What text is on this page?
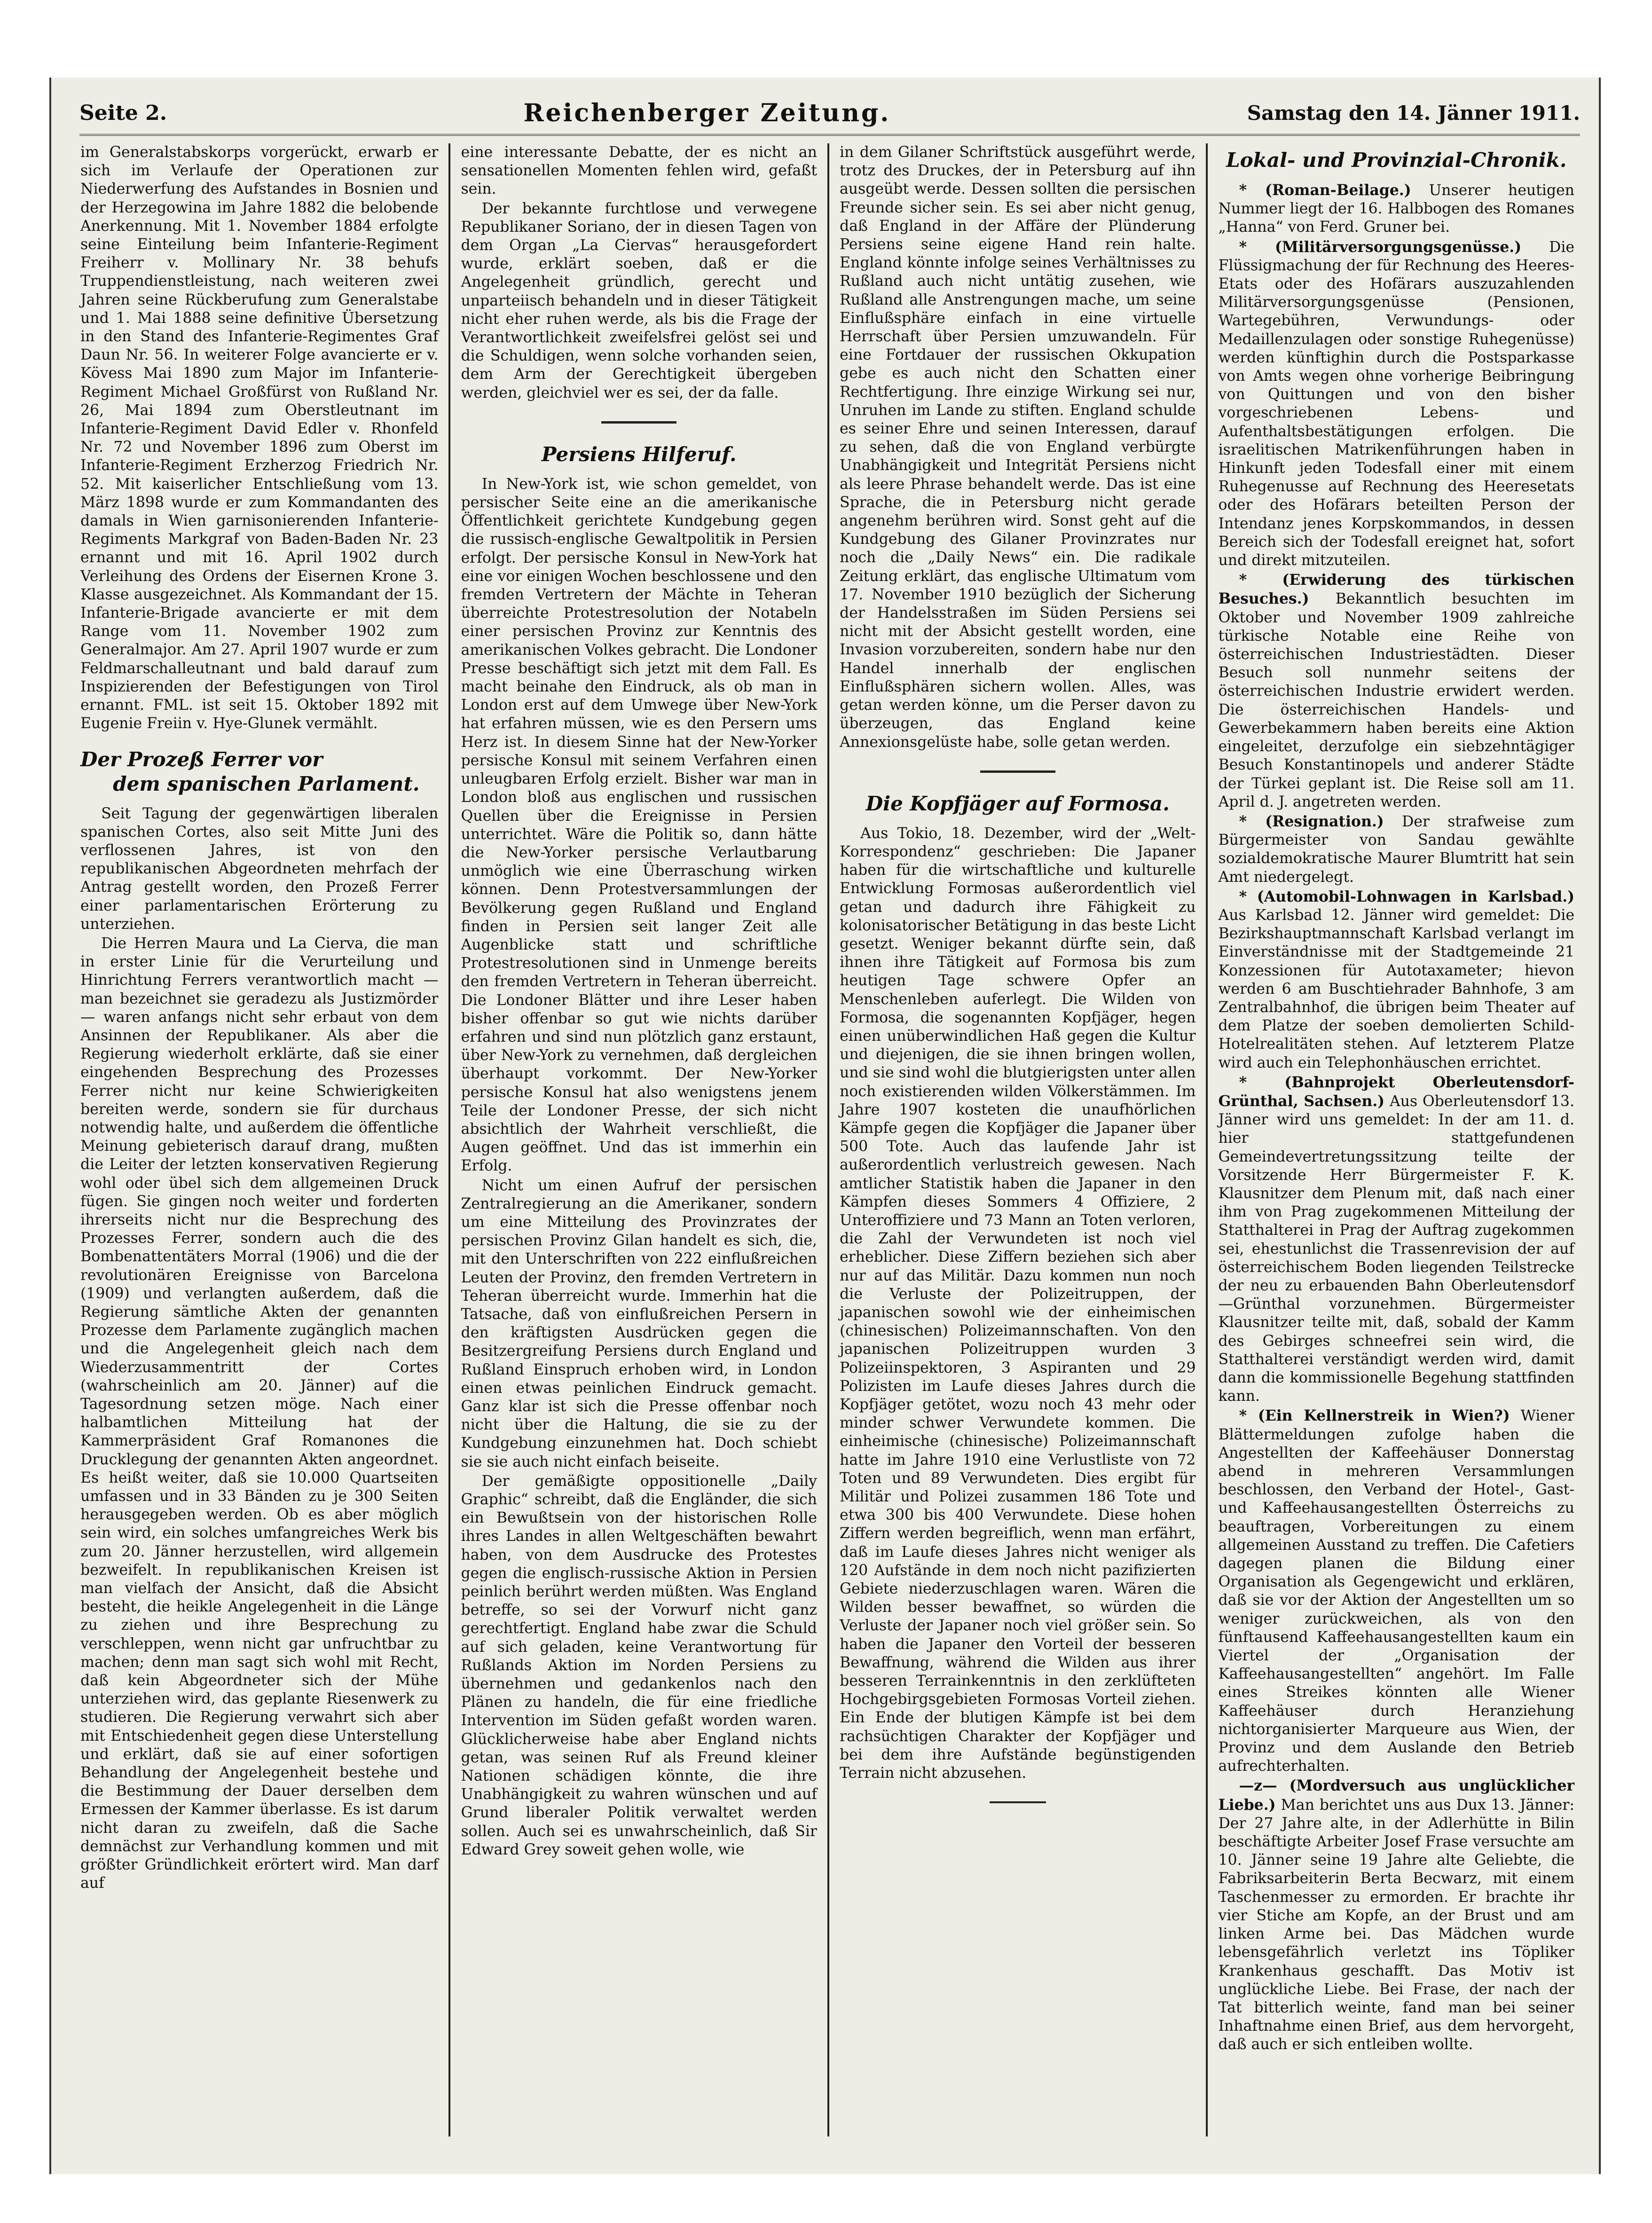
Seite 2.	Reichenberger Zeitung.	Samstag den 14. Jänner 1911.

im Generalstabskorps vorgerückt, erwarb er sich im Verlaufe der Operationen zur Niederwerfung des Aufstandes in Bosnien und der Herzegowina im Jahre 1882 die belobende Anerkennung. Mit 1. November 1884 erfolgte seine Einteilung beim Infanterie-Regiment Freiherr v. Mollinary Nr. 38 behufs Truppendienstleistung, nach weiteren zwei Jahren seine Rückberufung zum Generalstabe und 1. Mai 1888 seine definitive Übersetzung in den Stand des Infanterie-Regimentes Graf Daun Nr. 56. In weiterer Folge avancierte er v. Kövess Mai 1890 zum Major im Infanterie-Regiment Michael Großfürst von Rußland Nr. 26, Mai 1894 zum Oberstleutnant im Infanterie-Regiment David Edler v. Rhonfeld Nr. 72 und November 1896 zum Oberst im Infanterie-Regiment Erzherzog Friedrich Nr. 52. Mit kaiserlicher Entschließung vom 13. März 1898 wurde er zum Kommandanten des damals in Wien garnisonierenden Infanterie-Regiments Markgraf von Baden-Baden Nr. 23 ernannt und mit 16. April 1902 durch Verleihung des Ordens der Eisernen Krone 3. Klasse ausgezeichnet. Als Kommandant der 15. Infanterie-Brigade avancierte er mit dem Range vom 11. November 1902 zum Generalmajor. Am 27. April 1907 wurde er zum Feldmarschalleutnant und bald darauf zum Inspizierenden der Befestigungen von Tirol ernannt. FML. ist seit 15. Oktober 1892 mit Eugenie Freiin v. Hye-Glunek vermählt.

Der Prozeß Ferrer vor
dem spanischen Parlament.

Seit Tagung der gegenwärtigen liberalen spanischen Cortes, also seit Mitte Juni des verflossenen Jahres, ist von den republikanischen Abgeordneten mehrfach der Antrag gestellt worden, den Prozeß Ferrer einer parlamentarischen Erörterung zu unterziehen.

Die Herren Maura und La Cierva, die man in erster Linie für die Verurteilung und Hinrichtung Ferrers verantwortlich macht — man bezeichnet sie geradezu als Justizmörder — waren anfangs nicht sehr erbaut von dem Ansinnen der Republikaner. Als aber die Regierung wiederholt erklärte, daß sie einer eingehenden Besprechung des Prozesses Ferrer nicht nur keine Schwierigkeiten bereiten werde, sondern sie für durchaus notwendig halte, und außerdem die öffentliche Meinung gebieterisch darauf drang, mußten die Leiter der letzten konservativen Regierung wohl oder übel sich dem allgemeinen Druck fügen. Sie gingen noch weiter und forderten ihrerseits nicht nur die Besprechung des Prozesses Ferrer, sondern auch die des Bombenattentäters Morral (1906) und die der revolutionären Ereignisse von Barcelona (1909) und verlangten außerdem, daß die Regierung sämtliche Akten der genannten Prozesse dem Parlamente zugänglich machen und die Angelegenheit gleich nach dem Wiederzusammentritt der Cortes (wahrscheinlich am 20. Jänner) auf die Tagesordnung setzen möge. Nach einer halbamtlichen Mitteilung hat der Kammerpräsident Graf Romanones die Drucklegung der genannten Akten angeordnet. Es heißt weiter, daß sie 10.000 Quartseiten umfassen und in 33 Bänden zu je 300 Seiten herausgegeben werden. Ob es aber möglich sein wird, ein solches umfangreiches Werk bis zum 20. Jänner herzustellen, wird allgemein bezweifelt. In republikanischen Kreisen ist man vielfach der Ansicht, daß die Absicht besteht, die heikle Angelegenheit in die Länge zu ziehen und ihre Besprechung zu verschleppen, wenn nicht gar unfruchtbar zu machen; denn man sagt sich wohl mit Recht, daß kein Abgeordneter sich der Mühe unterziehen wird, das geplante Riesenwerk zu studieren. Die Regierung verwahrt sich aber mit Entschiedenheit gegen diese Unterstellung und erklärt, daß sie auf einer sofortigen Behandlung der Angelegenheit bestehe und die Bestimmung der Dauer derselben dem Ermessen der Kammer überlasse. Es ist darum nicht daran zu zweifeln, daß die Sache demnächst zur Verhandlung kommen und mit größter Gründlichkeit erörtert wird. Man darf auf

eine interessante Debatte, der es nicht an sensationellen Momenten fehlen wird, gefaßt sein.

Der bekannte furchtlose und verwegene Republikaner Soriano, der in diesen Tagen von dem Organ „La Ciervas“ herausgefordert wurde, erklärt soeben, daß er die Angelegenheit gründlich, gerecht und unparteiisch behandeln und in dieser Tätigkeit nicht eher ruhen werde, als bis die Frage der Verantwortlichkeit zweifelsfrei gelöst sei und die Schuldigen, wenn solche vorhanden seien, dem Arm der Gerechtigkeit übergeben werden, gleichviel wer es sei, der da falle.

Persiens Hilferuf.

In New-York ist, wie schon gemeldet, von persischer Seite eine an die amerikanische Öffentlichkeit gerichtete Kundgebung gegen die russisch-englische Gewaltpolitik in Persien erfolgt. Der persische Konsul in New-York hat eine vor einigen Wochen beschlossene und den fremden Vertretern der Mächte in Teheran überreichte Protestresolution der Notabeln einer persischen Provinz zur Kenntnis des amerikanischen Volkes gebracht. Die Londoner Presse beschäftigt sich jetzt mit dem Fall. Es macht beinahe den Eindruck, als ob man in London erst auf dem Umwege über New-York hat erfahren müssen, wie es den Persern ums Herz ist. In diesem Sinne hat der New-Yorker persische Konsul mit seinem Verfahren einen unleugbaren Erfolg erzielt. Bisher war man in London bloß aus englischen und russischen Quellen über die Ereignisse in Persien unterrichtet. Wäre die Politik so, dann hätte die New-Yorker persische Verlautbarung unmöglich wie eine Überraschung wirken können. Denn Protestversammlungen der Bevölkerung gegen Rußland und England finden in Persien seit langer Zeit alle Augenblicke statt und schriftliche Protestresolutionen sind in Unmenge bereits den fremden Vertretern in Teheran überreicht. Die Londoner Blätter und ihre Leser haben bisher offenbar so gut wie nichts darüber erfahren und sind nun plötzlich ganz erstaunt, über New-York zu vernehmen, daß dergleichen überhaupt vorkommt. Der New-Yorker persische Konsul hat also wenigstens jenem Teile der Londoner Presse, der sich nicht absichtlich der Wahrheit verschließt, die Augen geöffnet. Und das ist immerhin ein Erfolg.

Nicht um einen Aufruf der persischen Zentralregierung an die Amerikaner, sondern um eine Mitteilung des Provinzrates der persischen Provinz Gilan handelt es sich, die, mit den Unterschriften von 222 einflußreichen Leuten der Provinz, den fremden Vertretern in Teheran überreicht wurde. Immerhin hat die Tatsache, daß von einflußreichen Persern in den kräftigsten Ausdrücken gegen die Besitzergreifung Persiens durch England und Rußland Einspruch erhoben wird, in London einen etwas peinlichen Eindruck gemacht. Ganz klar ist sich die Presse offenbar noch nicht über die Haltung, die sie zu der Kundgebung einzunehmen hat. Doch schiebt sie sie auch nicht einfach beiseite.

Der gemäßigte oppositionelle „Daily Graphic“ schreibt, daß die Engländer, die sich ein Bewußtsein von der historischen Rolle ihres Landes in allen Weltgeschäften bewahrt haben, von dem Ausdrucke des Protestes gegen die englisch-russische Aktion in Persien peinlich berührt werden müßten. Was England betreffe, so sei der Vorwurf nicht ganz gerechtfertigt. England habe zwar die Schuld auf sich geladen, keine Verantwortung für Rußlands Aktion im Norden Persiens zu übernehmen und gedankenlos nach den Plänen zu handeln, die für eine friedliche Intervention im Süden gefaßt worden waren. Glücklicherweise habe aber England nichts getan, was seinen Ruf als Freund kleiner Nationen schädigen könnte, die ihre Unabhängigkeit zu wahren wünschen und auf Grund liberaler Politik verwaltet werden sollen. Auch sei es unwahrscheinlich, daß Sir Edward Grey soweit gehen wolle, wie

in dem Gilaner Schriftstück ausgeführt werde, trotz des Druckes, der in Petersburg auf ihn ausgeübt werde. Dessen sollten die persischen Freunde sicher sein. Es sei aber nicht genug, daß England in der Affäre der Plünderung Persiens seine eigene Hand rein halte. England könnte infolge seines Verhältnisses zu Rußland auch nicht untätig zusehen, wie Rußland alle Anstrengungen mache, um seine Einflußsphäre einfach in eine virtuelle Herrschaft über Persien umzuwandeln. Für eine Fortdauer der russischen Okkupation gebe es auch nicht den Schatten einer Rechtfertigung. Ihre einzige Wirkung sei nur, Unruhen im Lande zu stiften. England schulde es seiner Ehre und seinen Interessen, darauf zu sehen, daß die von England verbürgte Unabhängigkeit und Integrität Persiens nicht als leere Phrase behandelt werde. Das ist eine Sprache, die in Petersburg nicht gerade angenehm berühren wird. Sonst geht auf die Kundgebung des Gilaner Provinzrates nur noch die „Daily News“ ein. Die radikale Zeitung erklärt, das englische Ultimatum vom 17. November 1910 bezüglich der Sicherung der Handelsstraßen im Süden Persiens sei nicht mit der Absicht gestellt worden, eine Invasion vorzubereiten, sondern habe nur den Handel innerhalb der englischen Einflußsphären sichern wollen. Alles, was getan werden könne, um die Perser davon zu überzeugen, das England keine Annexionsgelüste habe, solle getan werden.

Die Kopfjäger auf Formosa.

Aus Tokio, 18. Dezember, wird der „Welt-Korrespondenz“ geschrieben: Die Japaner haben für die wirtschaftliche und kulturelle Entwicklung Formosas außerordentlich viel getan und dadurch ihre Fähigkeit zu kolonisatorischer Betätigung in das beste Licht gesetzt. Weniger bekannt dürfte sein, daß ihnen ihre Tätigkeit auf Formosa bis zum heutigen Tage schwere Opfer an Menschenleben auferlegt. Die Wilden von Formosa, die sogenannten Kopfjäger, hegen einen unüberwindlichen Haß gegen die Kultur und diejenigen, die sie ihnen bringen wollen, und sie sind wohl die blutgierigsten unter allen noch existierenden wilden Völkerstämmen. Im Jahre 1907 kosteten die unaufhörlichen Kämpfe gegen die Kopfjäger die Japaner über 500 Tote. Auch das laufende Jahr ist außerordentlich verlustreich gewesen. Nach amtlicher Statistik haben die Japaner in den Kämpfen dieses Sommers 4 Offiziere, 2 Unteroffiziere und 73 Mann an Toten verloren, die Zahl der Verwundeten ist noch viel erheblicher. Diese Ziffern beziehen sich aber nur auf das Militär. Dazu kommen nun noch die Verluste der Polizeitruppen, der japanischen sowohl wie der einheimischen (chinesischen) Polizeimannschaften. Von den japanischen Polizeitruppen wurden 3 Polizeiinspektoren, 3 Aspiranten und 29 Polizisten im Laufe dieses Jahres durch die Kopfjäger getötet, wozu noch 43 mehr oder minder schwer Verwundete kommen. Die einheimische (chinesische) Polizeimannschaft hatte im Jahre 1910 eine Verlustliste von 72 Toten und 89 Verwundeten. Dies ergibt für Militär und Polizei zusammen 186 Tote und etwa 300 bis 400 Verwundete. Diese hohen Ziffern werden begreiflich, wenn man erfährt, daß im Laufe dieses Jahres nicht weniger als 120 Aufstände in dem noch nicht pazifizierten Gebiete niederzuschlagen waren. Wären die Wilden besser bewaffnet, so würden die Verluste der Japaner noch viel größer sein. So haben die Japaner den Vorteil der besseren Bewaffnung, während die Wilden aus ihrer besseren Terrainkenntnis in den zerklüfteten Hochgebirgsgebieten Formosas Vorteil ziehen. Ein Ende der blutigen Kämpfe ist bei dem rachsüchtigen Charakter der Kopfjäger und bei dem ihre Aufstände begünstigenden Terrain nicht abzusehen.

Lokal- und Provinzial-Chronik.

* (Roman-Beilage.) Unserer heutigen Nummer liegt der 16. Halbbogen des Romanes „Hanna“ von Ferd. Gruner bei.

* (Militärversorgungsgenüsse.) Die Flüssigmachung der für Rechnung des Heeres-Etats oder des Hofärars auszuzahlenden Militärversorgungsgenüsse (Pensionen, Wartegebühren, Verwundungs- oder Medaillenzulagen oder sonstige Ruhegenüsse) werden künftighin durch die Postsparkasse von Amts wegen ohne vorherige Beibringung von Quittungen und von den bisher vorgeschriebenen Lebens- und Aufenthaltsbestätigungen erfolgen. Die israelitischen Matrikenführungen haben in Hinkunft jeden Todesfall einer mit einem Ruhegenusse auf Rechnung des Heeresetats oder des Hofärars beteilten Person der Intendanz jenes Korpskommandos, in dessen Bereich sich der Todesfall ereignet hat, sofort und direkt mitzuteilen.

* (Erwiderung des türkischen Besuches.) Bekanntlich besuchten im Oktober und November 1909 zahlreiche türkische Notable eine Reihe von österreichischen Industriestädten. Dieser Besuch soll nunmehr seitens der österreichischen Industrie erwidert werden. Die österreichischen Handels- und Gewerbekammern haben bereits eine Aktion eingeleitet, derzufolge ein siebzehntägiger Besuch Konstantinopels und anderer Städte der Türkei geplant ist. Die Reise soll am 11. April d. J. angetreten werden.

* (Resignation.) Der strafweise zum Bürgermeister von Sandau gewählte sozialdemokratische Maurer Blumtritt hat sein Amt niedergelegt.

* (Automobil-Lohnwagen in Karlsbad.) Aus Karlsbad 12. Jänner wird gemeldet: Die Bezirkshauptmannschaft Karlsbad verlangt im Einverständnisse mit der Stadtgemeinde 21 Konzessionen für Autotaxameter; hievon werden 6 am Buschtiehrader Bahnhofe, 3 am Zentralbahnhof, die übrigen beim Theater auf dem Platze der soeben demolierten Schild-Hotelrealitäten stehen. Auf letzterem Platze wird auch ein Telephonhäuschen errichtet.

* (Bahnprojekt Oberleutensdorf-Grünthal, Sachsen.) Aus Oberleutensdorf 13. Jänner wird uns gemeldet: In der am 11. d. hier stattgefundenen Gemeindevertretungssitzung teilte der Vorsitzende Herr Bürgermeister F. K. Klausnitzer dem Plenum mit, daß nach einer ihm von Prag zugekommenen Mitteilung der Statthalterei in Prag der Auftrag zugekommen sei, ehestunlichst die Trassenrevision der auf österreichischem Boden liegenden Teilstrecke der neu zu erbauenden Bahn Oberleutensdorf—Grünthal vorzunehmen. Bürgermeister Klausnitzer teilte mit, daß, sobald der Kamm des Gebirges schneefrei sein wird, die Statthalterei verständigt werden wird, damit dann die kommissionelle Begehung stattfinden kann.

* (Ein Kellnerstreik in Wien?) Wiener Blättermeldungen zufolge haben die Angestellten der Kaffeehäuser Donnerstag abend in mehreren Versammlungen beschlossen, den Verband der Hotel-, Gast- und Kaffeehausangestellten Österreichs zu beauftragen, Vorbereitungen zu einem allgemeinen Ausstand zu treffen. Die Cafetiers dagegen planen die Bildung einer Organisation als Gegengewicht und erklären, daß sie vor der Aktion der Angestellten um so weniger zurückweichen, als von den fünftausend Kaffeehausangestellten kaum ein Viertel der „Organisation der Kaffeehausangestellten“ angehört. Im Falle eines Streikes könnten alle Wiener Kaffeehäuser durch Heranziehung nichtorganisierter Marqueure aus Wien, der Provinz und dem Auslande den Betrieb aufrechterhalten.

—z— (Mordversuch aus unglücklicher Liebe.) Man berichtet uns aus Dux 13. Jänner: Der 27 Jahre alte, in der Adlerhütte in Bilin beschäftigte Arbeiter Josef Frase versuchte am 10. Jänner seine 19 Jahre alte Geliebte, die Fabriksarbeiterin Berta Becwarz, mit einem Taschenmesser zu ermorden. Er brachte ihr vier Stiche am Kopfe, an der Brust und am linken Arme bei. Das Mädchen wurde lebensgefährlich verletzt ins Töpliker Krankenhaus geschafft. Das Motiv ist unglückliche Liebe. Bei Frase, der nach der Tat bitterlich weinte, fand man bei seiner Inhaftnahme einen Brief, aus dem hervorgeht, daß auch er sich entleiben wollte.
